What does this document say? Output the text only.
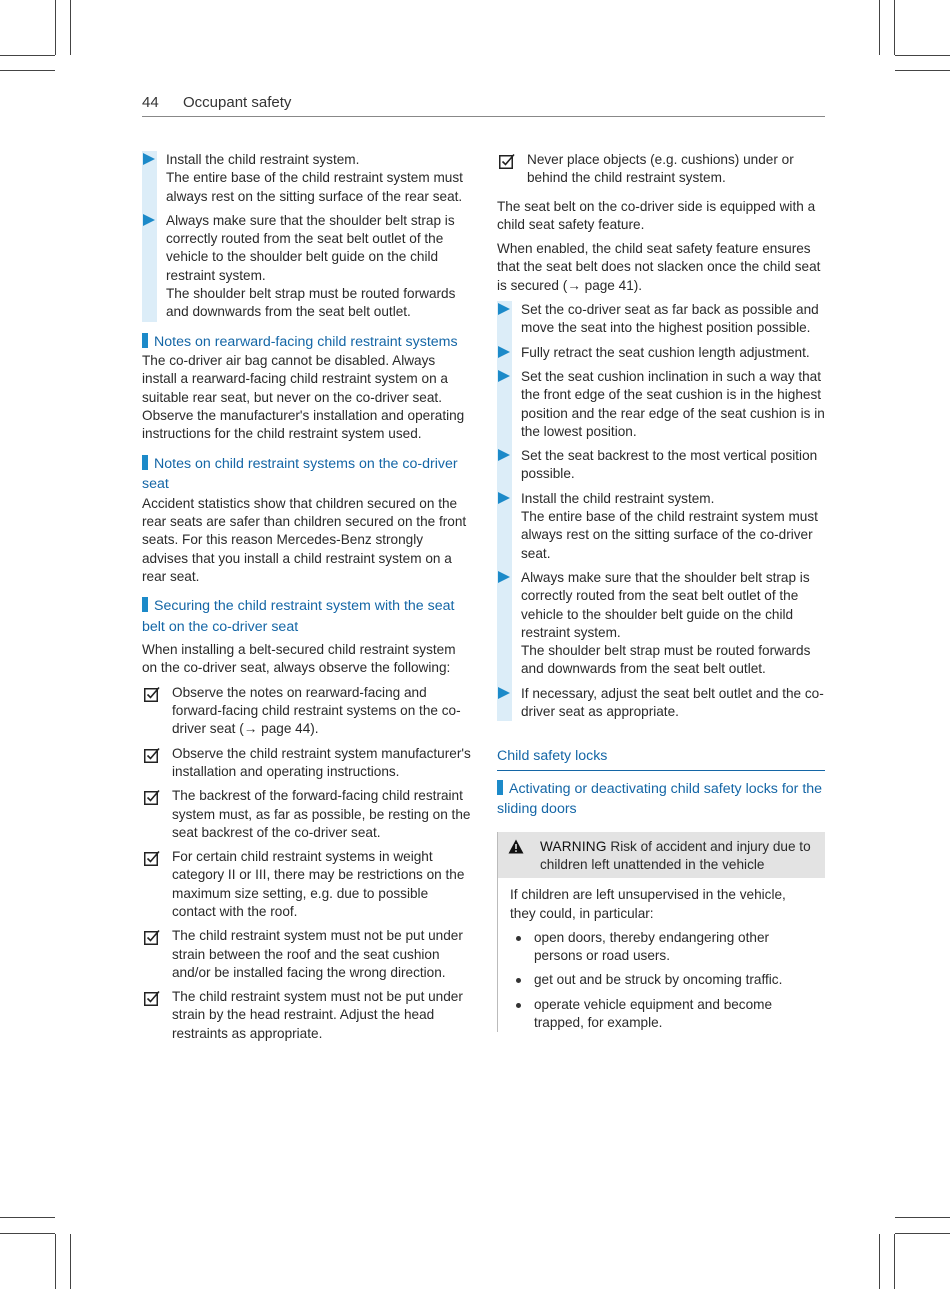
44 Occupant safety
Install the child restraint system.
The entire base of the child restraint system must always rest on the sitting surface of the rear seat.
Always make sure that the shoulder belt strap is correctly routed from the seat belt outlet of the vehicle to the shoulder belt guide on the child restraint system.
The shoulder belt strap must be routed forwards and downwards from the seat belt outlet.
Notes on rearward-facing child restraint systems

The co-driver air bag cannot be disabled. Always install a rearward-facing child restraint system on a suitable rear seat, but never on the co-driver seat. Observe the manufacturer's installation and operating instructions for the child restraint system used.

Notes on child restraint systems on the co-driver seat

Accident statistics show that children secured on the rear seats are safer than children secured on the front seats. For this reason Mercedes-Benz strongly advises that you install a child restraint system on a rear seat.

Securing the child restraint system with the seat belt on the co-driver seat

When installing a belt-secured child restraint system on the co-driver seat, always observe the following:

Observe the notes on rearward-facing and forward-facing child restraint systems on the co-driver seat (→ page 44).
Observe the child restraint system manufacturer's installation and operating instructions.
The backrest of the forward-facing child restraint system must, as far as possible, be resting on the seat backrest of the co-driver seat.
For certain child restraint systems in weight category II or III, there may be restrictions on the maximum size setting, e.g. due to possible contact with the roof.
The child restraint system must not be put under strain between the roof and the seat cushion and/or be installed facing the wrong direction.
The child restraint system must not be put under strain by the head restraint. Adjust the head restraints as appropriate.
Never place objects (e.g. cushions) under or behind the child restraint system.

The seat belt on the co-driver side is equipped with a child seat safety feature.

When enabled, the child seat safety feature ensures that the seat belt does not slacken once the child seat is secured (→ page 41).

Set the co-driver seat as far back as possible and move the seat into the highest position possible.
Fully retract the seat cushion length adjustment.
Set the seat cushion inclination in such a way that the front edge of the seat cushion is in the highest position and the rear edge of the seat cushion is in the lowest position.
Set the seat backrest to the most vertical position possible.
Install the child restraint system.
The entire base of the child restraint system must always rest on the sitting surface of the co-driver seat.
Always make sure that the shoulder belt strap is correctly routed from the seat belt outlet of the vehicle to the shoulder belt guide on the child restraint system.
The shoulder belt strap must be routed forwards and downwards from the seat belt outlet.
If necessary, adjust the seat belt outlet and the co-driver seat as appropriate.
Child safety locks
Activating or deactivating child safety locks for the sliding doors
WARNING Risk of accident and injury due to children left unattended in the vehicle
If children are left unsupervised in the vehicle, they could, in particular:
open doors, thereby endangering other persons or road users.
get out and be struck by oncoming traffic.
operate vehicle equipment and become trapped, for example.
